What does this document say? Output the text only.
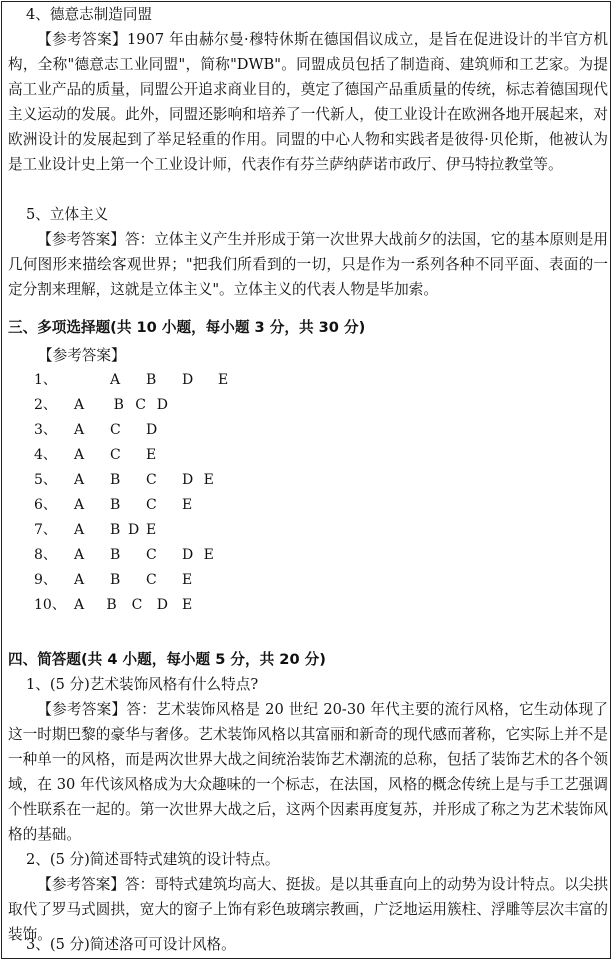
4、德意志制造同盟

【参考答案】1907 年由赫尔曼·穆特休斯在德国倡议成立，是旨在促进设计的半官方机构，全称"德意志工业同盟"，简称"DWB"。同盟成员包括了制造商、建筑师和工艺家。为提高工业产品的质量，同盟公开追求商业目的，奠定了德国产品重质量的传统，标志着德国现代主义运动的发展。此外，同盟还影响和培养了一代新人，使工业设计在欧洲各地开展起来，对欧洲设计的发展起到了举足轻重的作用。同盟的中心人物和实践者是彼得·贝伦斯，他被认为是工业设计史上第一个工业设计师，代表作有芬兰萨纳萨诺市政厅、伊马特拉教堂等。

5、立体主义

【参考答案】答：立体主义产生并形成于第一次世界大战前夕的法国，它的基本原则是用几何图形来描绘客观世界；"把我们所看到的一切，只是作为一系列各种不同平面、表面的一定分割来理解，这就是立体主义"。立体主义的代表人物是毕加索。

三、多项选择题(共 10 小题，每小题 3 分，共 30 分)
【参考答案】
1、	A B D E
2、	A B C D
3、	A C D
4、	A C E
5、	A B C D E
6、	A B C E
7、	A B D E
8、	A B C D E
9、	A B C E
10、 A B C D E
四、简答题(共 4 小题，每小题 5 分，共 20 分)
1、(5 分)艺术装饰风格有什么特点?

【参考答案】答：艺术装饰风格是 20 世纪 20-30 年代主要的流行风格，它生动体现了这一时期巴黎的豪华与奢侈。艺术装饰风格以其富丽和新奇的现代感而著称，它实际上并不是一种单一的风格，而是两次世界大战之间统治装饰艺术潮流的总称，包括了装饰艺术的各个领域，在 30 年代该风格成为大众趣味的一个标志，在法国，风格的概念传统上是与手工艺强调个性联系在一起的。第一次世界大战之后，这两个因素再度复苏，并形成了称之为艺术装饰风格的基础。

2、(5 分)简述哥特式建筑的设计特点。

【参考答案】答：哥特式建筑均高大、挺拔。是以其垂直向上的动势为设计特点。以尖拱取代了罗马式圆拱，宽大的窗子上饰有彩色玻璃宗教画，广泛地运用簇柱、浮雕等层次丰富的装饰。

3、(5 分)简述洛可可设计风格。
